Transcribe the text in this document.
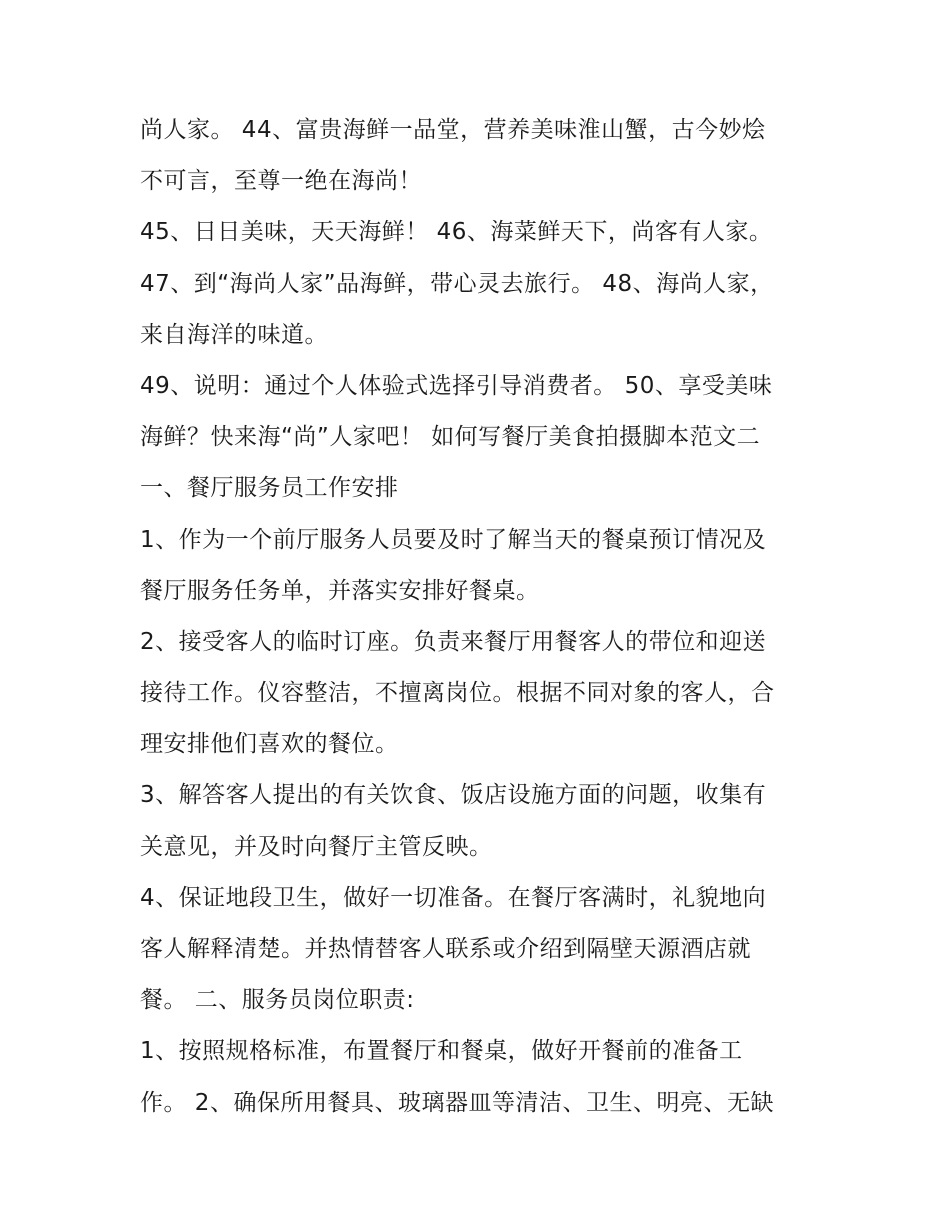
尚人家。 44、富贵海鲜一品堂，营养美味淮山蟹，古今妙烩
不可言，至尊一绝在海尚！
45、日日美味，天天海鲜！ 46、海菜鲜天下，尚客有人家。
47、到“海尚人家”品海鲜，带心灵去旅行。 48、海尚人家，
来自海洋的味道。
49、说明：通过个人体验式选择引导消费者。 50、享受美味
海鲜？快来海“尚”人家吧！ 如何写餐厅美食拍摄脚本范文二
一、餐厅服务员工作安排
1、作为一个前厅服务人员要及时了解当天的餐桌预订情况及
餐厅服务任务单，并落实安排好餐桌。
2、接受客人的临时订座。负责来餐厅用餐客人的带位和迎送
接待工作。仪容整洁，不擅离岗位。根据不同对象的客人，合
理安排他们喜欢的餐位。
3、解答客人提出的有关饮食、饭店设施方面的问题，收集有
关意见，并及时向餐厅主管反映。
4、保证地段卫生，做好一切准备。在餐厅客满时，礼貌地向
客人解释清楚。并热情替客人联系或介绍到隔壁天源酒店就
餐。 二、服务员岗位职责:
1、按照规格标准，布置餐厅和餐桌，做好开餐前的准备工
作。 2、确保所用餐具、玻璃器皿等清洁、卫生、明亮、无缺
